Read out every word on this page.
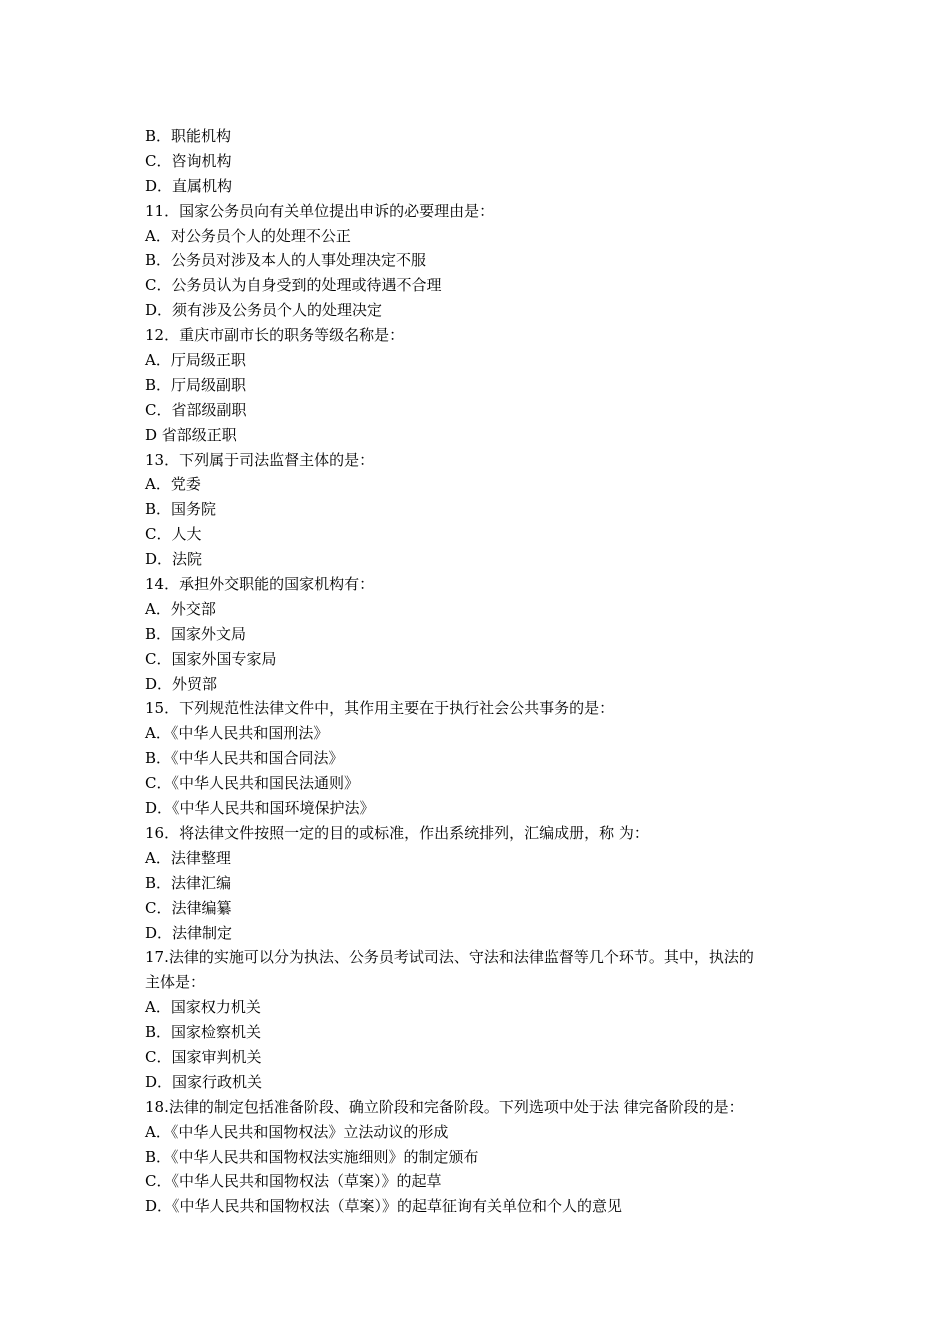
B．职能机构
C．咨询机构
D．直属机构
11．国家公务员向有关单位提出申诉的必要理由是：
A．对公务员个人的处理不公正
B．公务员对涉及本人的人事处理决定不服
C．公务员认为自身受到的处理或待遇不合理
D．须有涉及公务员个人的处理决定
12．重庆市副市长的职务等级名称是：
A．厅局级正职
B．厅局级副职
C．省部级副职
D 省部级正职
13．下列属于司法监督主体的是：
A．党委
B．国务院
C．人大
D．法院
14．承担外交职能的国家机构有：
A．外交部
B．国家外文局
C．国家外国专家局
D．外贸部
15．下列规范性法律文件中，其作用主要在于执行社会公共事务的是：
A．《中华人民共和国刑法》
B．《中华人民共和国合同法》
C．《中华人民共和国民法通则》
D．《中华人民共和国环境保护法》
16．将法律文件按照一定的目的或标准，作出系统排列，汇编成册，称 为：
A．法律整理
B．法律汇编
C．法律编纂
D．法律制定
17.法律的实施可以分为执法、公务员考试司法、守法和法律监督等几个环节。其中，执法的
主体是：
A．国家权力机关
B．国家检察机关
C．国家审判机关
D．国家行政机关
18.法律的制定包括准备阶段、确立阶段和完备阶段。下列选项中处于法 律完备阶段的是：
A．《中华人民共和国物权法》立法动议的形成
B．《中华人民共和国物权法实施细则》的制定颁布
C．《中华人民共和国物权法（草案）》的起草
D．《中华人民共和国物权法（草案）》的起草征询有关单位和个人的意见
